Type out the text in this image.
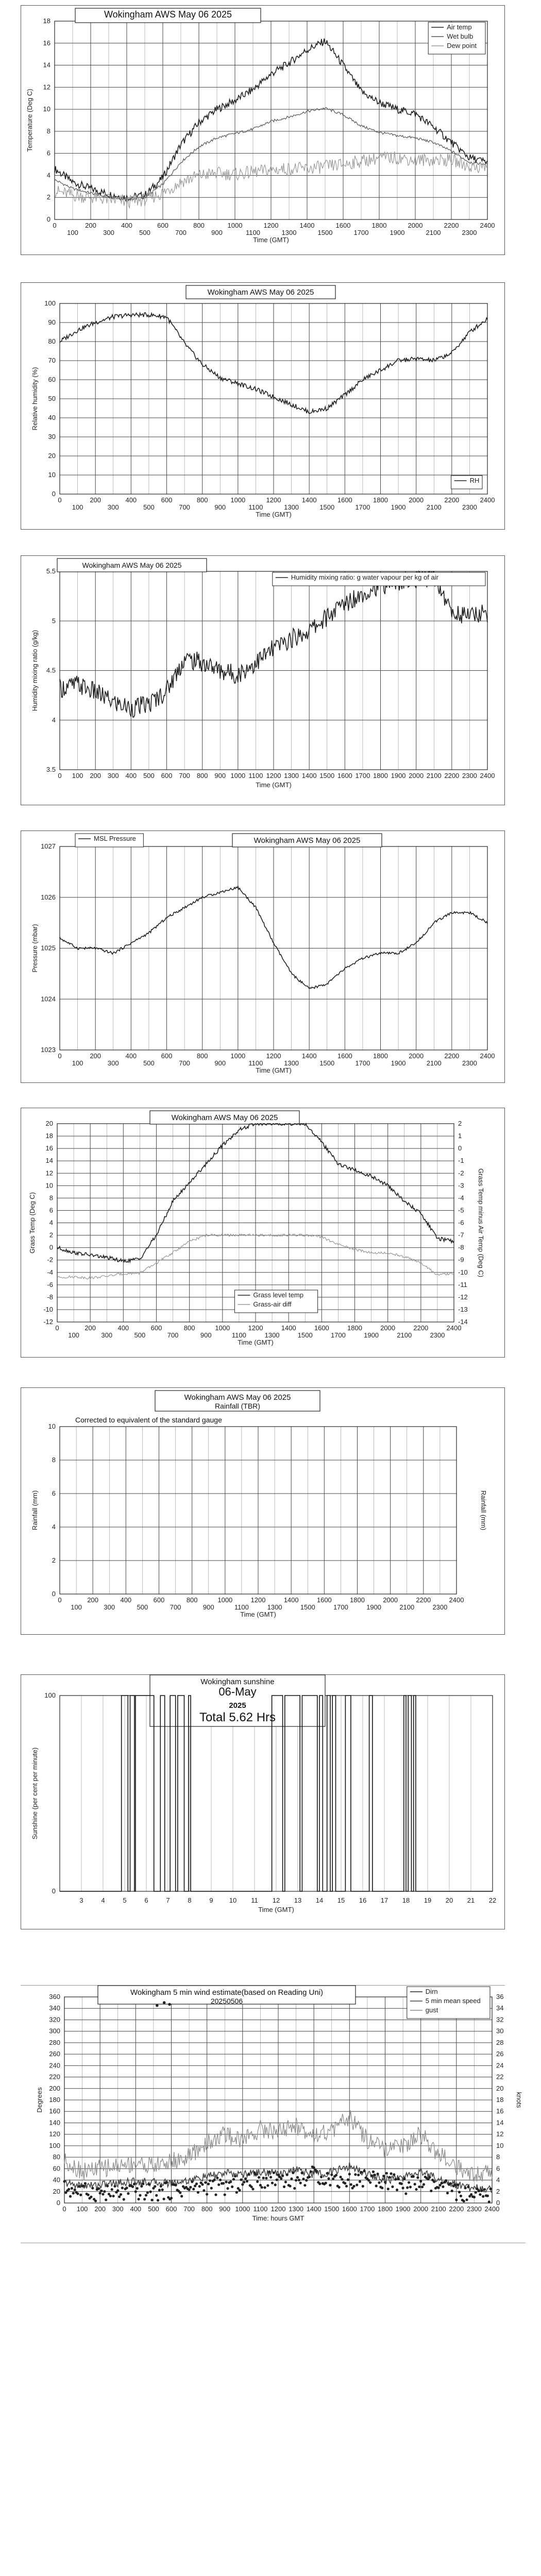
0
2
4
6
8
10
12
14
16
18
0	200	400	600	800	1000	1200	1400	1600	1800	2000	2200	2400
100	300	500	700	900	1100	1300	1500	1700	1900	2100	2300
Time (GMT)
Temperature (Deg C)
Wokingham AWS May 06 2025
Air temp
Wet bulb
Dew point
0
10
20
30
40
50
60
70
80
90
100
0	200	400	600	800	1000	1200	1400	1600	1800	2000	2200	2400
100	300	500	700	900	1100	1300	1500	1700	1900	2100	2300
Time (GMT)
Relative humidity (%)
Wokingham AWS May 06 2025
RH
3.5
4
4.5
5
5.5
0 100 200 300 400 500 600 700 800 900 1000 1100 1200 1300 1400 1500 1600 1700 1800 1900 2000 2100 2200 2300 2400
Time (GMT)
Humidity mixing ratio (g/kg)
Wokingham AWS May 06 2025
Humidity mixing ratio: g water vapour per kg of air
1023
1024
1025
1026
1027
0	200	400	600	800	1000	1200	1400	1600	1800	2000	2200	2400
100	300	500	700	900	1100	1300	1500	1700	1900	2100	2300
Time (GMT)
Pressure (mbar)
Wokingham AWS May 06 2025
MSL Pressure
-12
-10
-8
-6
-4
-2
0
2
4
6
8
10
12
14
16
18
20
-14
-13
-12
-11
-10
-9
-8
-7
-6
-5
-4
-3
-2
-1
0
1
2
0	200	400	600	800	1000	1200	1400	1600	1800	2000	2200	2400
100	300	500	700	900	1100	1300	1500	1700	1900	2100	2300
Time (GMT)
Grass Temp (Deg C)	Grass Temp minus Air Temp (Deg C)
Wokingham AWS May 06 2025
Grass level temp
Grass-air diff
0
2
4
6
8
10
0	200	400	600	800	1000	1200	1400	1600	1800	2000	2200	2400
100	300	500	700	900	1100	1300	1500	1700	1900	2100	2300
Time (GMT)
Rainfall (mm)	Rainfall (mm)
Wokingham AWS May 06 2025
Rainfall (TBR)
Corrected to equivalent of the standard gauge
0
100
3	4	5	6	7	8	9 10 11 12 13 14 15 16 17 18 19 20 21 22
Time (GMT)
Sunshine (per cent per minute)
Wokingham sunshine
06-May
2025
Total 5.62 Hrs
0
20
40
60
80
100
120
140
160
180
200
220
240
260
280
300
320
340
360
0
2
4
6
8
10
12
14
16
18
20
22
24
26
28
30
32
34
36
0 100 200 300 400 500 600 700 800 900 1000 1100 1200 1300 1400 1500 1600 1700 1800 1900 2000 2100 2200 2300 2400
Time: hours GMT
Degrees	knots
Wokingham 5 min wind estimate(based on Reading Uni)
20250506
Dirn
5 min mean speed
gust
